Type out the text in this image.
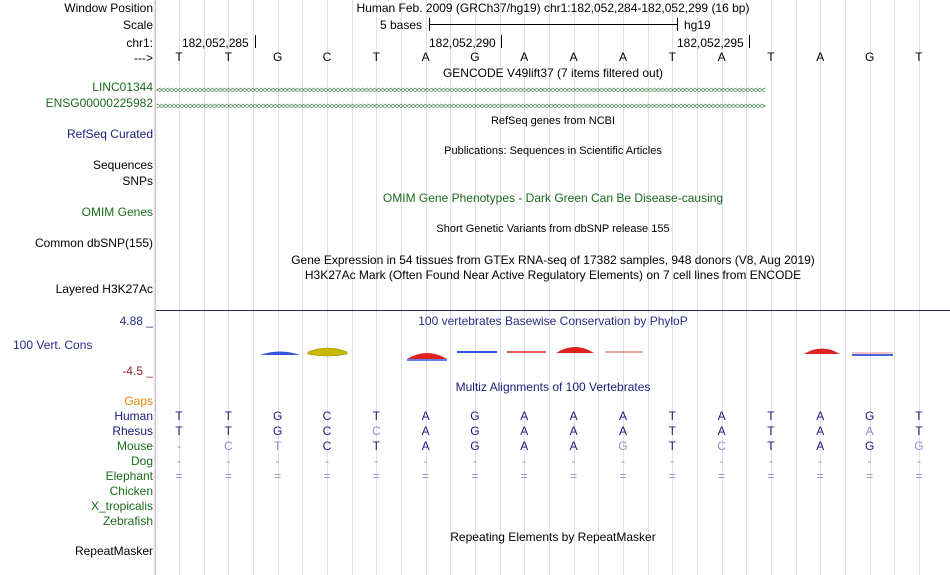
Window Position	Human Feb. 2009 (GRCh37/hg19) chr1:182,052,284-182,052,299 (16 bp)
Scale	5 bases	hg19
chr1: 182,052,285	182,052,290	182,052,295
---> T	T	G	C	T	A	G	A	A	A	T	A	T	A	G	T
GENCODE V49lift37 (7 items filtered out)
LINC01344 <<<<<<<<<<<<<<<<<<<<<<<<<<<<<<<<<<<<<<<<<<<<<<<<<<<<<<<<<<<<<<<<<<<<<<<<<<<<<<<<<<<<<<<<<<<<<<<<<<<<<<<<<<<<<<<<<<<<<<<<<<<<<<<<<<<<<<<<<<<<<<<<<<<<<<
ENSG00000225982 >>>>>>>>>>>>>>>>>>>>>>>>>>>>>>>>>>>>>>>>>>>>>>>>>>>>>>>>>>>>>>>>>>>>>>>>>>>>>>>>>>>>>>>>>>>>>>>>>>>>>>>>>>>>>>>>>>>>>>>>>>>>>>>>>>>>>>>>>>>>>>>>>>>>>>
RefSeq genes from NCBI
RefSeq Curated
Publications: Sequences in Scientific Articles
Sequences
SNPs
OMIM Gene Phenotypes - Dark Green Can Be Disease-causing
OMIM Genes
Short Genetic Variants from dbSNP release 155
Common dbSNP(155)
Gene Expression in 54 tissues from GTEx RNA-seq of 17382 samples, 948 donors (V8, Aug 2019)
H3K27Ac Mark (Often Found Near Active Regulatory Elements) on 7 cell lines from ENCODE
Layered H3K27Ac
4.88 _	100 vertebrates Basewise Conservation by PhyloP
100 Vert. Cons
-4.5 _
Multiz Alignments of 100 Vertebrates
Gaps
Human T	T	G	C	T	A	G	A	A	A	T	A	T	A	G	T
Rhesus T	T	G	C	C	A	G	A	A	A	T	A	T	A	A	T
Mouse -	C	T	C	T	A	G	A	A	G	T	C	T	A	G	G
Dog -	-	-	-	-	-	-	-	-	-	-	-	-	-	-	-
Elephant =	=	=	=	=	=	=	=	=	=	=	=	=	=	=	=
Chicken
X_tropicalis
Zebrafish
Repeating Elements by RepeatMasker
RepeatMasker
